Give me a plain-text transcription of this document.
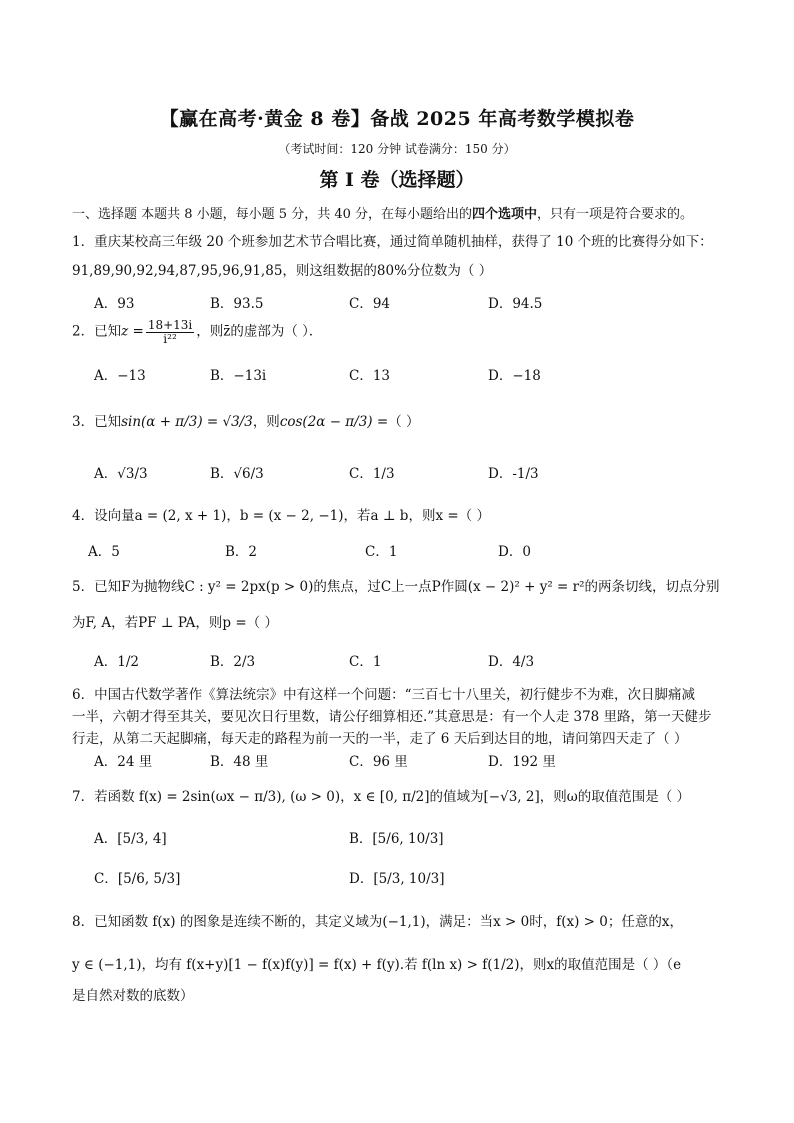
【赢在高考·黄金 8 卷】备战 2025 年高考数学模拟卷
（考试时间：120 分钟 试卷满分：150 分）
第 I 卷（选择题）
一、选择题 本题共 8 小题，每小题 5 分，共 40 分，在每小题给出的四个选项中，只有一项是符合要求的。
1．重庆某校高三年级 20 个班参加艺术节合唱比赛，通过简单随机抽样，获得了 10 个班的比赛得分如下：
91,89,90,92,94,87,95,96,91,85，则这组数据的80%分位数为（ ）
A．93	B．93.5	C．94	D．94.5
2．已知$z = \frac{18+13i}{\text{i²²}}$ ，则z̄的虚部为（ ）．
A．−13	B．−13i	C．13	D．−18
3．已知sin(α + π/3) = √3/3，则cos(2α − π/3) =（ ）
A．√3/3	B．√6/3	C．1/3	D．-1/3
4．设向量a = (2, x + 1)，b = (x − 2, −1)，若a ⊥ b，则x =（ ）
A．5	B．2	C．1	D．0
5．已知F为抛物线C : y² = 2px(p > 0)的焦点，过C上一点P作圆(x − 2)² + y² = r²的两条切线，切点分别
为F, A，若PF ⊥ PA，则p =（ ）
A．1/2	B．2/3	C．1	D．4/3
6．中国古代数学著作《算法统宗》中有这样一个问题：“三百七十八里关，初行健步不为难，次日脚痛减
一半，六朝才得至其关，要见次日行里数，请公仔细算相还.”其意思是：有一个人走 378 里路，第一天健步
行走，从第二天起脚痛，每天走的路程为前一天的一半，走了 6 天后到达目的地，请问第四天走了（ ）
A．24 里	B．48 里	C．96 里	D．192 里
7．若函数 f(x) = 2sin(ωx − π/3), (ω > 0)，x ∈ [0, π/2]的值域为[−√3, 2]，则ω的取值范围是（ ）
A．[5/3, 4]	B．[5/6, 10/3]
C．[5/6, 5/3]	D．[5/3, 10/3]
8．已知函数 f(x) 的图象是连续不断的，其定义域为(−1,1)，满足：当x > 0时，f(x) > 0；任意的x，
y ∈ (−1,1)，均有 f(x+y)[1 − f(x)f(y)] = f(x) + f(y).若 f(ln x) > f(1/2)，则x的取值范围是（ ）（e
是自然对数的底数）
